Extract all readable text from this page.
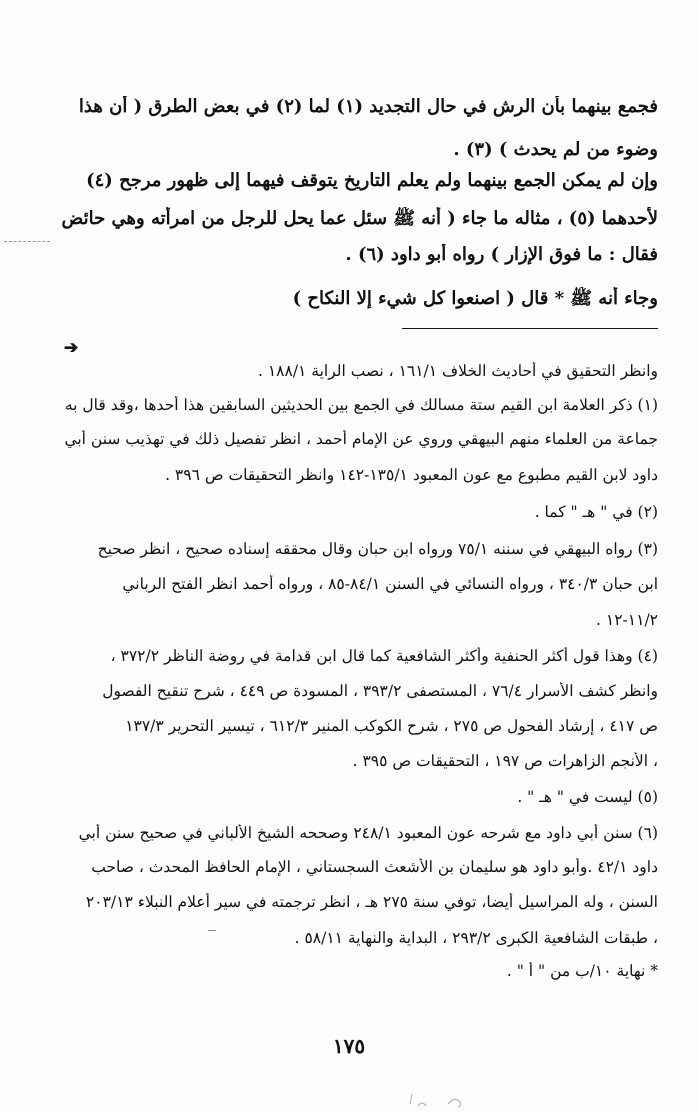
فجمع بينهما بأن الرش في حال التجديد (١) لما (٢) في بعض الطرق ( أن هذا
وضوء من لم يحدث ) (٣) .
وإن لم يمكن الجمع بينهما ولم يعلم التاريخ يتوقف فيهما إلى ظهور مرجح (٤)
لأحدهما (٥) ، مثاله ما جاء ( أنه ﷺ سئل عما يحل للرجل من امرأته وهي حائض
فقال : ما فوق الإزار ) رواه أبو داود (٦) .
وجاء أنه ﷺ * قال ( اصنعوا كل شيء إلا النكاح )
➔
وانظر التحقيق في أحاديث الخلاف ١٦١/١ ، نصب الراية ١٨٨/١ .
(١) ذكر العلامة ابن القيم ستة مسالك في الجمع بين الحديثين السابقين هذا أحدها ،وقد قال به
جماعة من العلماء منهم البيهقي وروي عن الإمام أحمد ، انظر تفصيل ذلك في تهذيب سنن أبي
داود لابن القيم مطبوع مع عون المعبود ١٣٥/١-١٤٢ وانظر التحقيقات ص ٣٩٦ .
(٢) في " هـ " كما .
(٣) رواه البيهقي في سننه ٧٥/١ ورواه ابن حبان وقال محققه إسناده صحيح ، انظر صحيح
ابن حبان ٣٤٠/٣ ، ورواه النسائي في السنن ٨٤/١-٨٥ ، ورواه أحمد انظر الفتح الرباني
١١/٢-١٢ .
(٤) وهذا قول أكثر الحنفية وأكثر الشافعية كما قال ابن قدامة في روضة الناظر ٣٧٢/٢ ،
وانظر كشف الأسرار ٧٦/٤ ، المستصفى ٣٩٣/٢ ، المسودة ص ٤٤٩ ، شرح تنقيح الفصول
ص ٤١٧ ، إرشاد الفحول ص ٢٧٥ ، شرح الكوكب المنير ٦١٢/٣ ، تيسير التحرير ١٣٧/٣
، الأنجم الزاهرات ص ١٩٧ ، التحقيقات ص ٣٩٥ .
(٥) ليست في " هـ " .
(٦) سنن أبي داود مع شرحه عون المعبود ٢٤٨/١ وصححه الشيخ الألباني في صحيح سنن أبي
داود ٤٢/١ .وأبو داود هو سليمان بن الأشعث السجستاني ، الإمام الحافظ المحدث ، صاحب
السنن ، وله المراسيل أيضا، توفي سنة ٢٧٥ هـ ، انظر ترجمته في سير أعلام النبلاء ٢٠٣/١٣
، طبقات الشافعية الكبرى ٢٩٣/٢ ، البداية والنهاية ٥٨/١١ .
* نهاية ١٠/ب من " أ " .
١٧٥
